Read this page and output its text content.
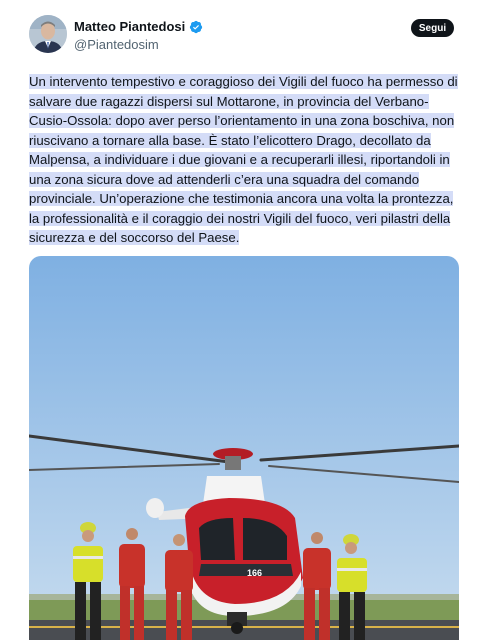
Matteo Piantedosi
@Piantedosim
Segui
Un intervento tempestivo e coraggioso dei Vigili del fuoco ha permesso di salvare due ragazzi dispersi sul Mottarone, in provincia del Verbano-Cusio-Ossola: dopo aver perso l’orientamento in una zona boschiva, non riuscivano a tornare alla base. È stato l’elicottero Drago, decollato da Malpensa, a individuare i due giovani e a recuperarli illesi, riportandoli in una zona sicura dove ad attenderli c’era una squadra del comando provinciale. Un’operazione che testimonia ancora una volta la prontezza, la professionalità e il coraggio dei nostri Vigili del fuoco, veri pilastri della sicurezza e del soccorso del Paese.
166
